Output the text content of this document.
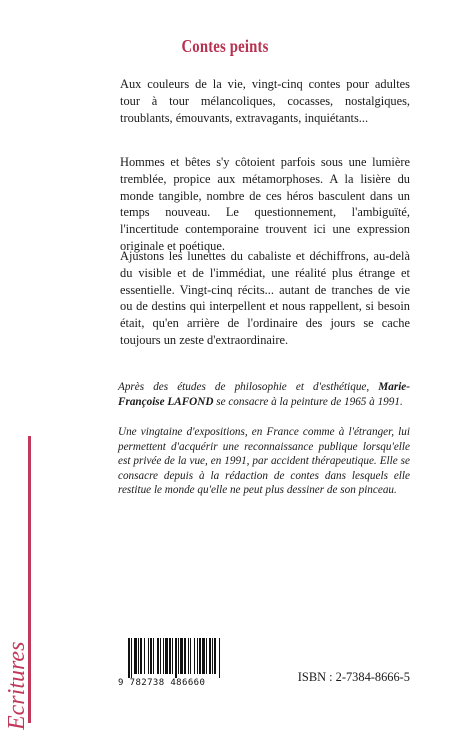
Contes peints

Aux couleurs de la vie, vingt-cinq contes pour adultes tour à tour mélancoliques, cocasses, nostalgiques, troublants, émouvants, extravagants, inquiétants...

Hommes et bêtes s'y côtoient parfois sous une lumière tremblée, propice aux métamorphoses. A la lisière du monde tangible, nombre de ces héros basculent dans un temps nouveau. Le questionnement, l'ambiguïté, l'incertitude contemporaine trouvent ici une expression originale et poétique.

Ajustons les lunettes du cabaliste et déchiffrons, au-delà du visible et de l'immédiat, une réalité plus étrange et essentielle. Vingt-cinq récits... autant de tranches de vie ou de destins qui interpellent et nous rappellent, si besoin était, qu'en arrière de l'ordinaire des jours se cache toujours un zeste d'extraordinaire.

Après des études de philosophie et d'esthétique, Marie-Françoise LAFOND se consacre à la peinture de 1965 à 1991.

Une vingtaine d'expositions, en France comme à l'étranger, lui permettent d'acquérir une reconnaissance publique lorsqu'elle est privée de la vue, en 1991, par accident thérapeutique. Elle se consacre depuis à la rédaction de contes dans lesquels elle restitue le monde qu'elle ne peut plus dessiner de son pinceau.

Ecritures	9 782738 486660	ISBN : 2-7384-8666-5
